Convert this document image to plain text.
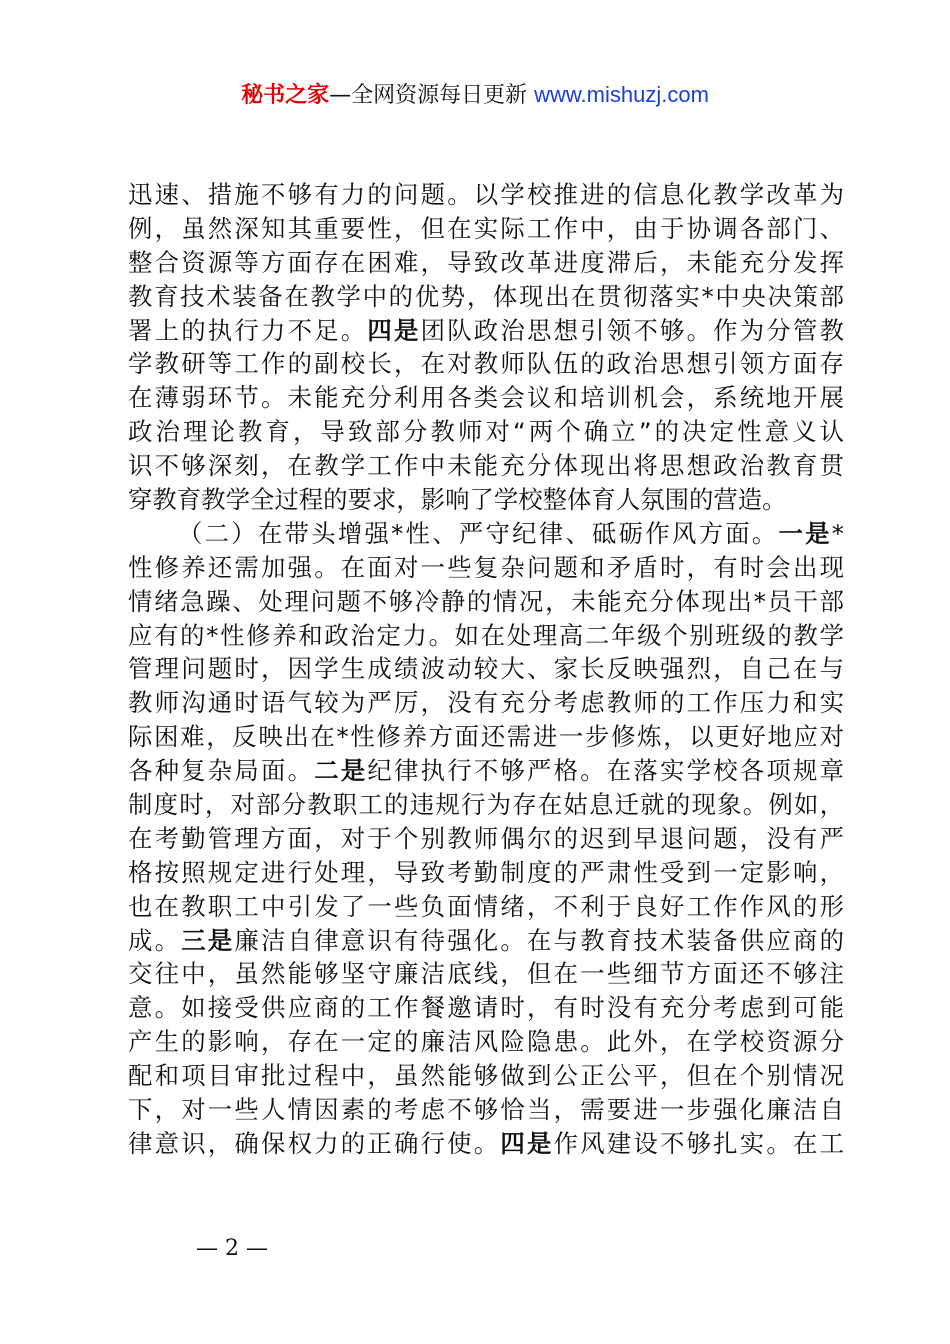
秘书之家—全网资源每日更新 www.mishuzj.com
迅速、措施不够有力的问题。以学校推进的信息化教学改革为
例，虽然深知其重要性，但在实际工作中，由于协调各部门、
整合资源等方面存在困难，导致改革进度滞后，未能充分发挥
教育技术装备在教学中的优势，体现出在贯彻落实*中央决策部
署上的执行力不足。四是团队政治思想引领不够。作为分管教
学教研等工作的副校长，在对教师队伍的政治思想引领方面存
在薄弱环节。未能充分利用各类会议和培训机会，系统地开展
政治理论教育，导致部分教师对“两个确立”的决定性意义认
识不够深刻，在教学工作中未能充分体现出将思想政治教育贯
穿教育教学全过程的要求，影响了学校整体育人氛围的营造。
（二）在带头增强*性、严守纪律、砥砺作风方面。一是*
性修养还需加强。在面对一些复杂问题和矛盾时，有时会出现
情绪急躁、处理问题不够冷静的情况，未能充分体现出*员干部
应有的*性修养和政治定力。如在处理高二年级个别班级的教学
管理问题时，因学生成绩波动较大、家长反映强烈，自己在与
教师沟通时语气较为严厉，没有充分考虑教师的工作压力和实
际困难，反映出在*性修养方面还需进一步修炼，以更好地应对
各种复杂局面。二是纪律执行不够严格。在落实学校各项规章
制度时，对部分教职工的违规行为存在姑息迁就的现象。例如，
在考勤管理方面，对于个别教师偶尔的迟到早退问题，没有严
格按照规定进行处理，导致考勤制度的严肃性受到一定影响，
也在教职工中引发了一些负面情绪，不利于良好工作作风的形
成。三是廉洁自律意识有待强化。在与教育技术装备供应商的
交往中，虽然能够坚守廉洁底线，但在一些细节方面还不够注
意。如接受供应商的工作餐邀请时，有时没有充分考虑到可能
产生的影响，存在一定的廉洁风险隐患。此外，在学校资源分
配和项目审批过程中，虽然能够做到公正公平，但在个别情况
下，对一些人情因素的考虑不够恰当，需要进一步强化廉洁自
律意识，确保权力的正确行使。四是作风建设不够扎实。在工
— 2 —
